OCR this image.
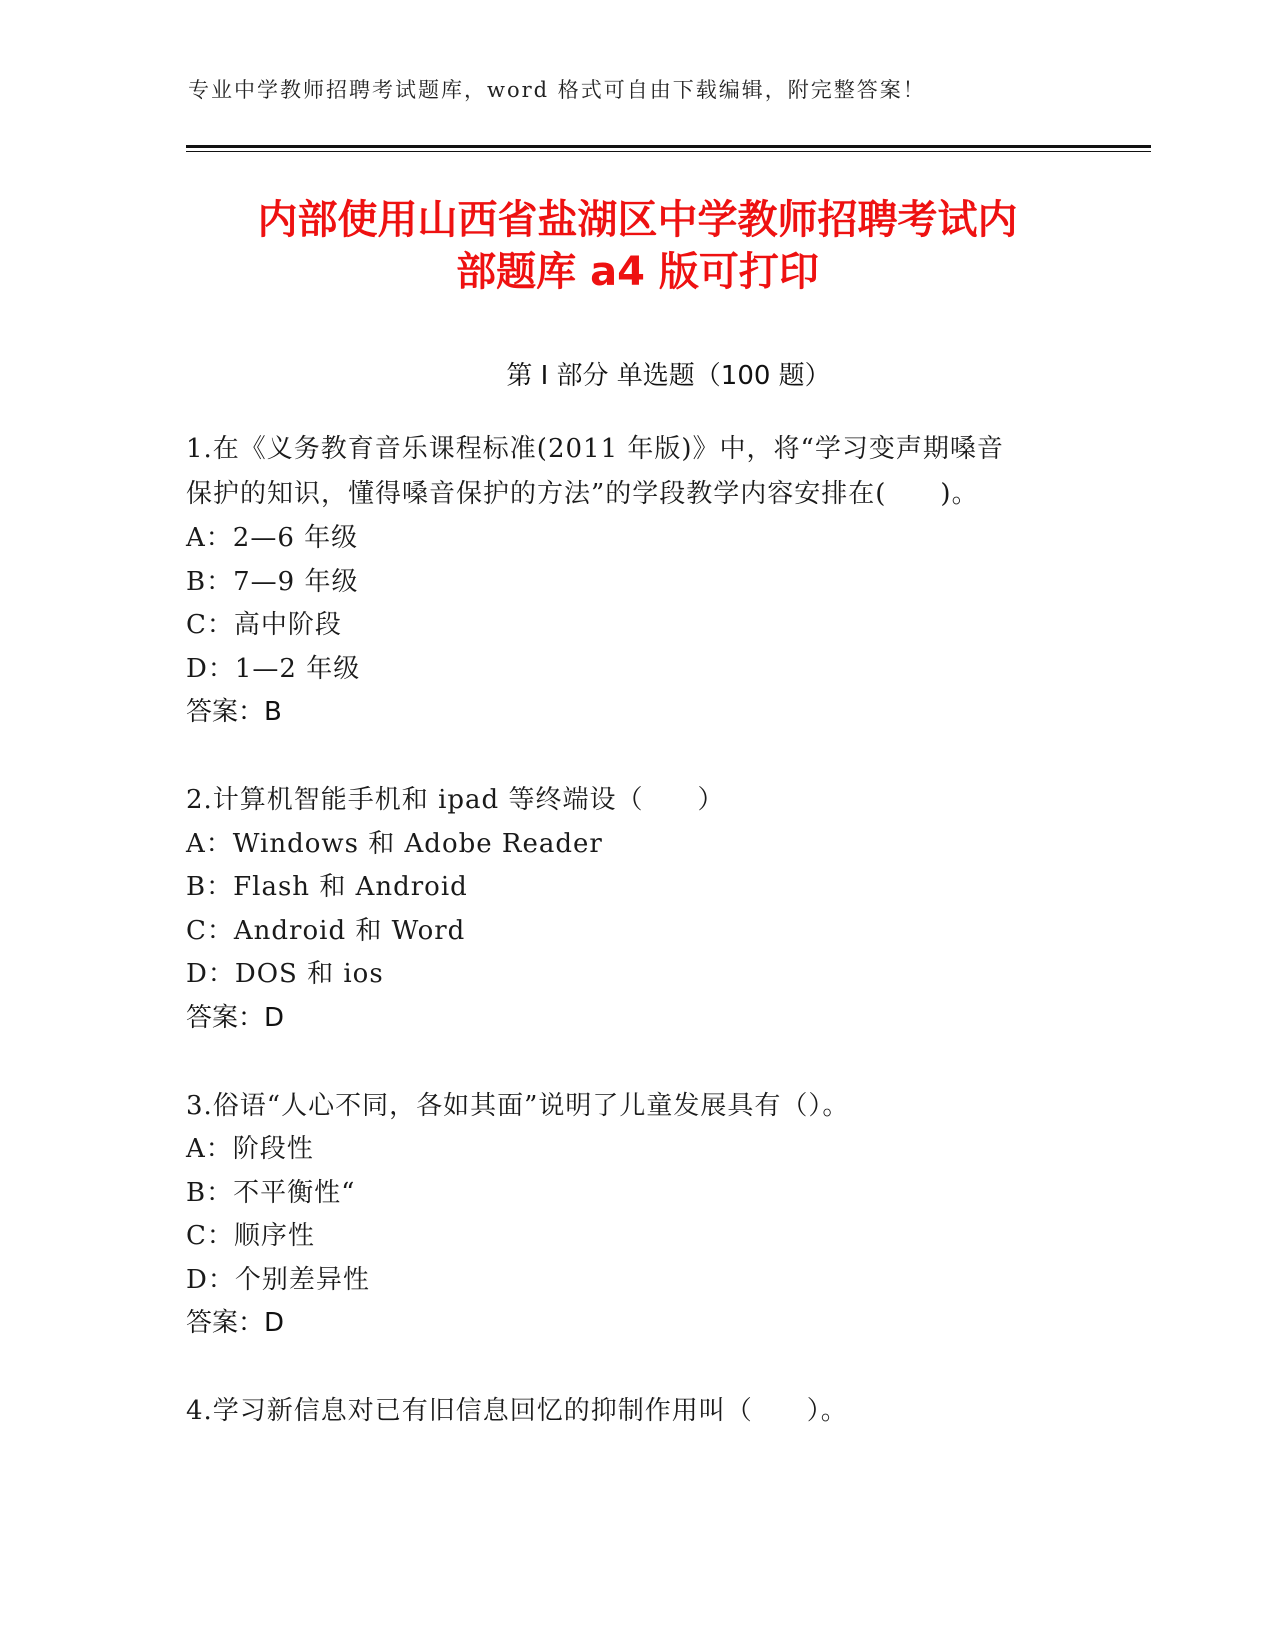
专业中学教师招聘考试题库，word 格式可自由下载编辑，附完整答案！
内部使用山西省盐湖区中学教师招聘考试内
部题库 a4 版可打印
第 I 部分 单选题（100 题）
1.在《义务教育音乐课程标准(2011 年版)》中，将“学习变声期嗓音
保护的知识，懂得嗓音保护的方法”的学段教学内容安排在(　　)。
A：2—6 年级
B：7—9 年级
C：高中阶段
D：1—2 年级
答案：B
2.计算机智能手机和 ipad 等终端设（　　）
A：Windows 和 Adobe Reader
B：Flash 和 Android
C：Android 和 Word
D：DOS 和 ios
答案：D
3.俗语“人心不同，各如其面”说明了儿童发展具有（）。
A：阶段性
B：不平衡性“
C：顺序性
D：个别差异性
答案：D
4.学习新信息对已有旧信息回忆的抑制作用叫（　　）。
